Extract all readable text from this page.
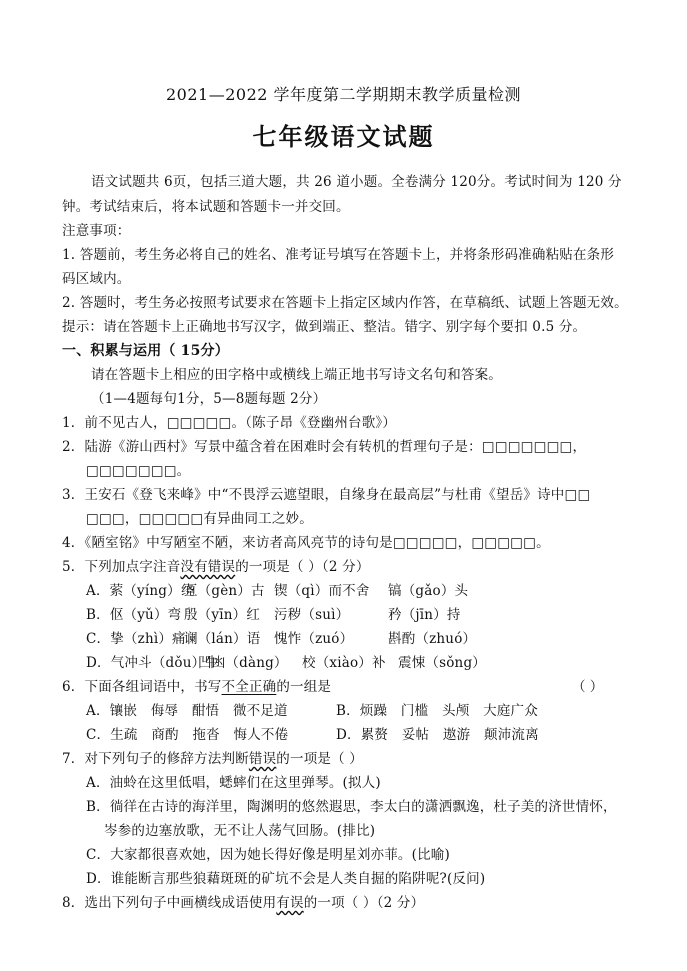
2021—2022 学年度第二学期期末教学质量检测
七年级语文试题
语文试题共 6页，包括三道大题，共 26 道小题。全卷满分 120分。考试时间为 120 分
钟。考试结束后，将本试题和答题卡一并交回。
注意事项：
1. 答题前，考生务必将自己的姓名、准考证号填写在答题卡上，并将条形码准确粘贴在条形
码区域内。
2. 答题时，考生务必按照考试要求在答题卡上指定区域内作答，在草稿纸、试题上答题无效。
提示：请在答题卡上正确地书写汉字，做到端正、整洁。错字、别字每个要扣 0.5 分。
一、积累与运用（ 15分）
请在答题卡上相应的田字格中或横线上端正地书写诗文名句和答案。
（1—4题每句1分，5—8题每题 2分）
1．前不见古人，□□□□□。（陈子昂《登幽州台歌》）
2．陆游《游山西村》写景中蕴含着在困难时会有转机的哲理句子是：□□□□□□□，
□□□□□□□。
3．王安石《登飞来峰》中“不畏浮云遮望眼，自缘身在最高层”与杜甫《望岳》诗中□□
□□□，□□□□□有异曲同工之妙。
4．《陋室铭》中写陋室不陋，来访者高风亮节的诗句是□□□□□，□□□□□。
5．下列加点字注音没有错误的一项是（ ）（2 分）
A．萦（yíng）绕亘（gèn）古 锲（qì）而不舍 镐（gǎo）头
B．伛（yǔ）弯 殷（yīn）红 污秽（suì）	矜（jīn）持
C．挚（zhì）痛谰（lán）语 愧怍（zuó）	斟酌（zhuó）
D．气冲斗（dǒu）牛凹凼（dàng） 校（xiào）补 震悚（sǒng）
6．下面各组词语中，书写不全正确的一组是	（ ）
A．镶嵌　侮辱　酣悟　微不足道	B．烦躁　门槛　头颅　大庭广众
C．生疏　商酌　拖沓　悔人不倦	D．累赘　妥帖　遨游　颠沛流离
7．对下列句子的修辞方法判断错误的一项是（ ）
A．油蛉在这里低唱，蟋蟀们在这里弹琴。(拟人)
B．徜徉在古诗的海洋里，陶渊明的悠然遐思，李太白的潇洒飘逸，杜子美的济世情怀，
岑参的边塞放歌，无不让人荡气回肠。(排比)
C．大家都很喜欢她，因为她长得好像是明星刘亦菲。(比喻)
D．谁能断言那些狼藉斑斑的矿坑不会是人类自掘的陷阱呢?(反问)
8．选出下列句子中画横线成语使用有误的一项（ ）（2 分）
